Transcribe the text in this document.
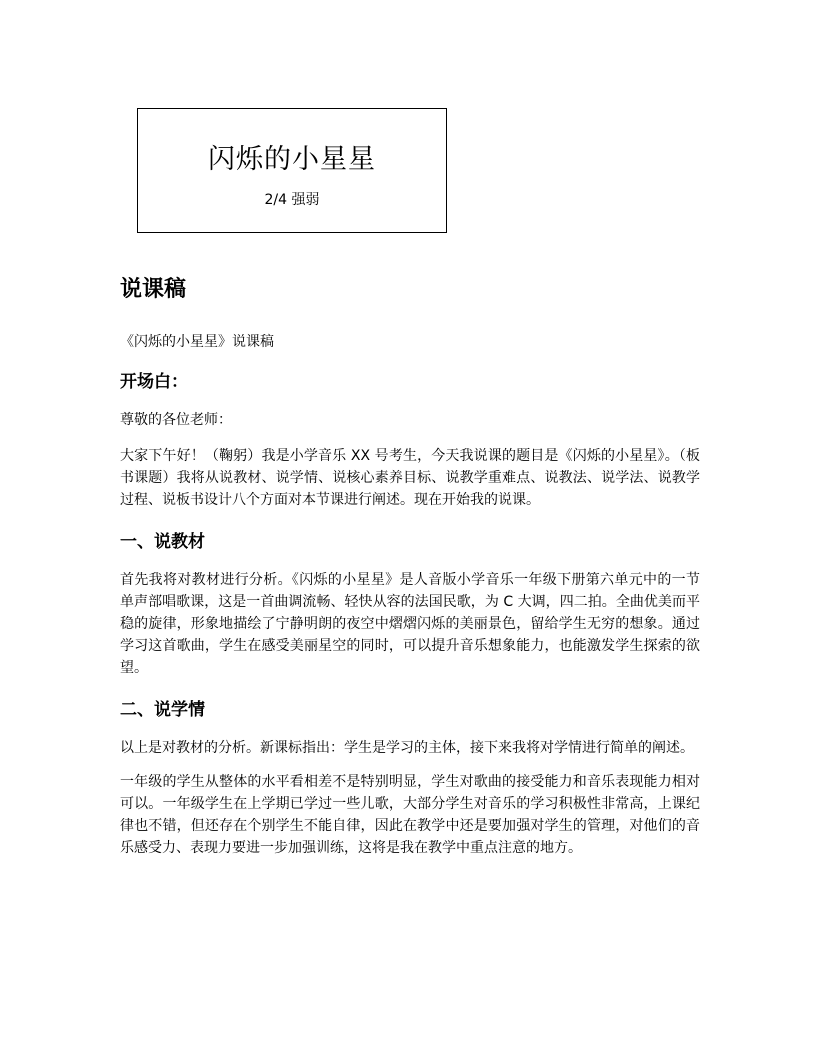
闪烁的小星星
2/4 强弱
说课稿

《闪烁的小星星》说课稿

开场白：

尊敬的各位老师：

大家下午好！（鞠躬）我是小学音乐 XX 号考生，今天我说课的题目是《闪烁的小星星》。（板书课题）我将从说教材、说学情、说核心素养目标、说教学重难点、说教法、说学法、说教学过程、说板书设计八个方面对本节课进行阐述。现在开始我的说课。

一、说教材

首先我将对教材进行分析。《闪烁的小星星》是人音版小学音乐一年级下册第六单元中的一节单声部唱歌课，这是一首曲调流畅、轻快从容的法国民歌，为 C 大调，四二拍。全曲优美而平稳的旋律，形象地描绘了宁静明朗的夜空中熠熠闪烁的美丽景色，留给学生无穷的想象。通过学习这首歌曲，学生在感受美丽星空的同时，可以提升音乐想象能力，也能激发学生探索的欲望。

二、说学情

以上是对教材的分析。新课标指出：学生是学习的主体，接下来我将对学情进行简单的阐述。

一年级的学生从整体的水平看相差不是特别明显，学生对歌曲的接受能力和音乐表现能力相对可以。一年级学生在上学期已学过一些儿歌，大部分学生对音乐的学习积极性非常高，上课纪律也不错，但还存在个别学生不能自律，因此在教学中还是要加强对学生的管理，对他们的音乐感受力、表现力要进一步加强训练，这将是我在教学中重点注意的地方。
